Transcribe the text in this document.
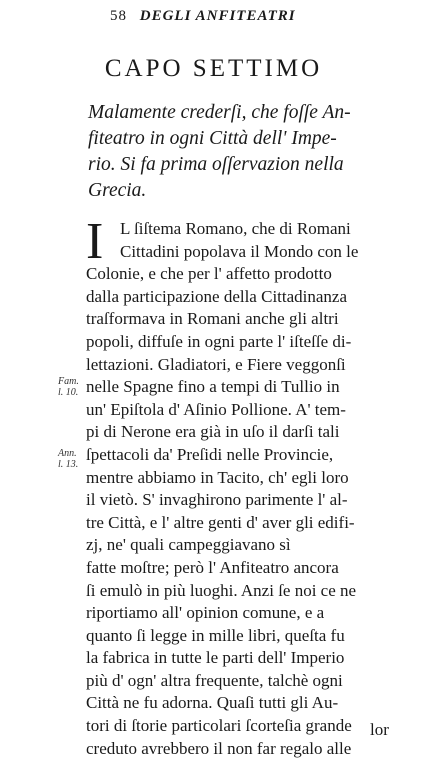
58 DEGLI ANFITEATRI
CAPO SETTIMO
Malamente crederſi, che foſſe An-
fiteatro in ogni Città dell' Impe-
rio. Si fa prima oſſervazion nella
Grecia.
I L ſiſtema Romano, che di Romani
Cittadini popolava il Mondo con le
Colonie, e che per l' affetto prodotto
dalla participazione della Cittadinanza
traſformava in Romani anche gli altri
popoli, diffuſe in ogni parte l' iſteſſe di-
lettazioni. Gladiatori, e Fiere veggonſi
nelle Spagne fino a tempi di Tullio in
un' Epiſtola d' Aſinio Pollione. A' tem-
pi di Nerone era già in uſo il darſi tali
ſpettacoli da' Preſidi nelle Provincie,
mentre abbiamo in Tacito, ch' egli loro
il vietò. S' invaghirono parimente l' al-
tre Città, e l' altre genti d' aver gli edifi-
zj, ne' quali campeggiavano sì
fatte moſtre; però l' Anfiteatro ancora
ſi emulò in più luoghi. Anzi ſe noi ce ne
riportiamo all' opinion comune, e a
quanto ſi legge in mille libri, queſta fu
la fabrica in tutte le parti dell' Imperio
più d' ogn' altra frequente, talchè ogni
Città ne fu adorna. Quaſi tutti gli Au-
tori di ſtorie particolari ſcorteſia grande
creduto avrebbero il non far regalo alle
Fam.
l. 10.
Ann.
l. 13.
lor
